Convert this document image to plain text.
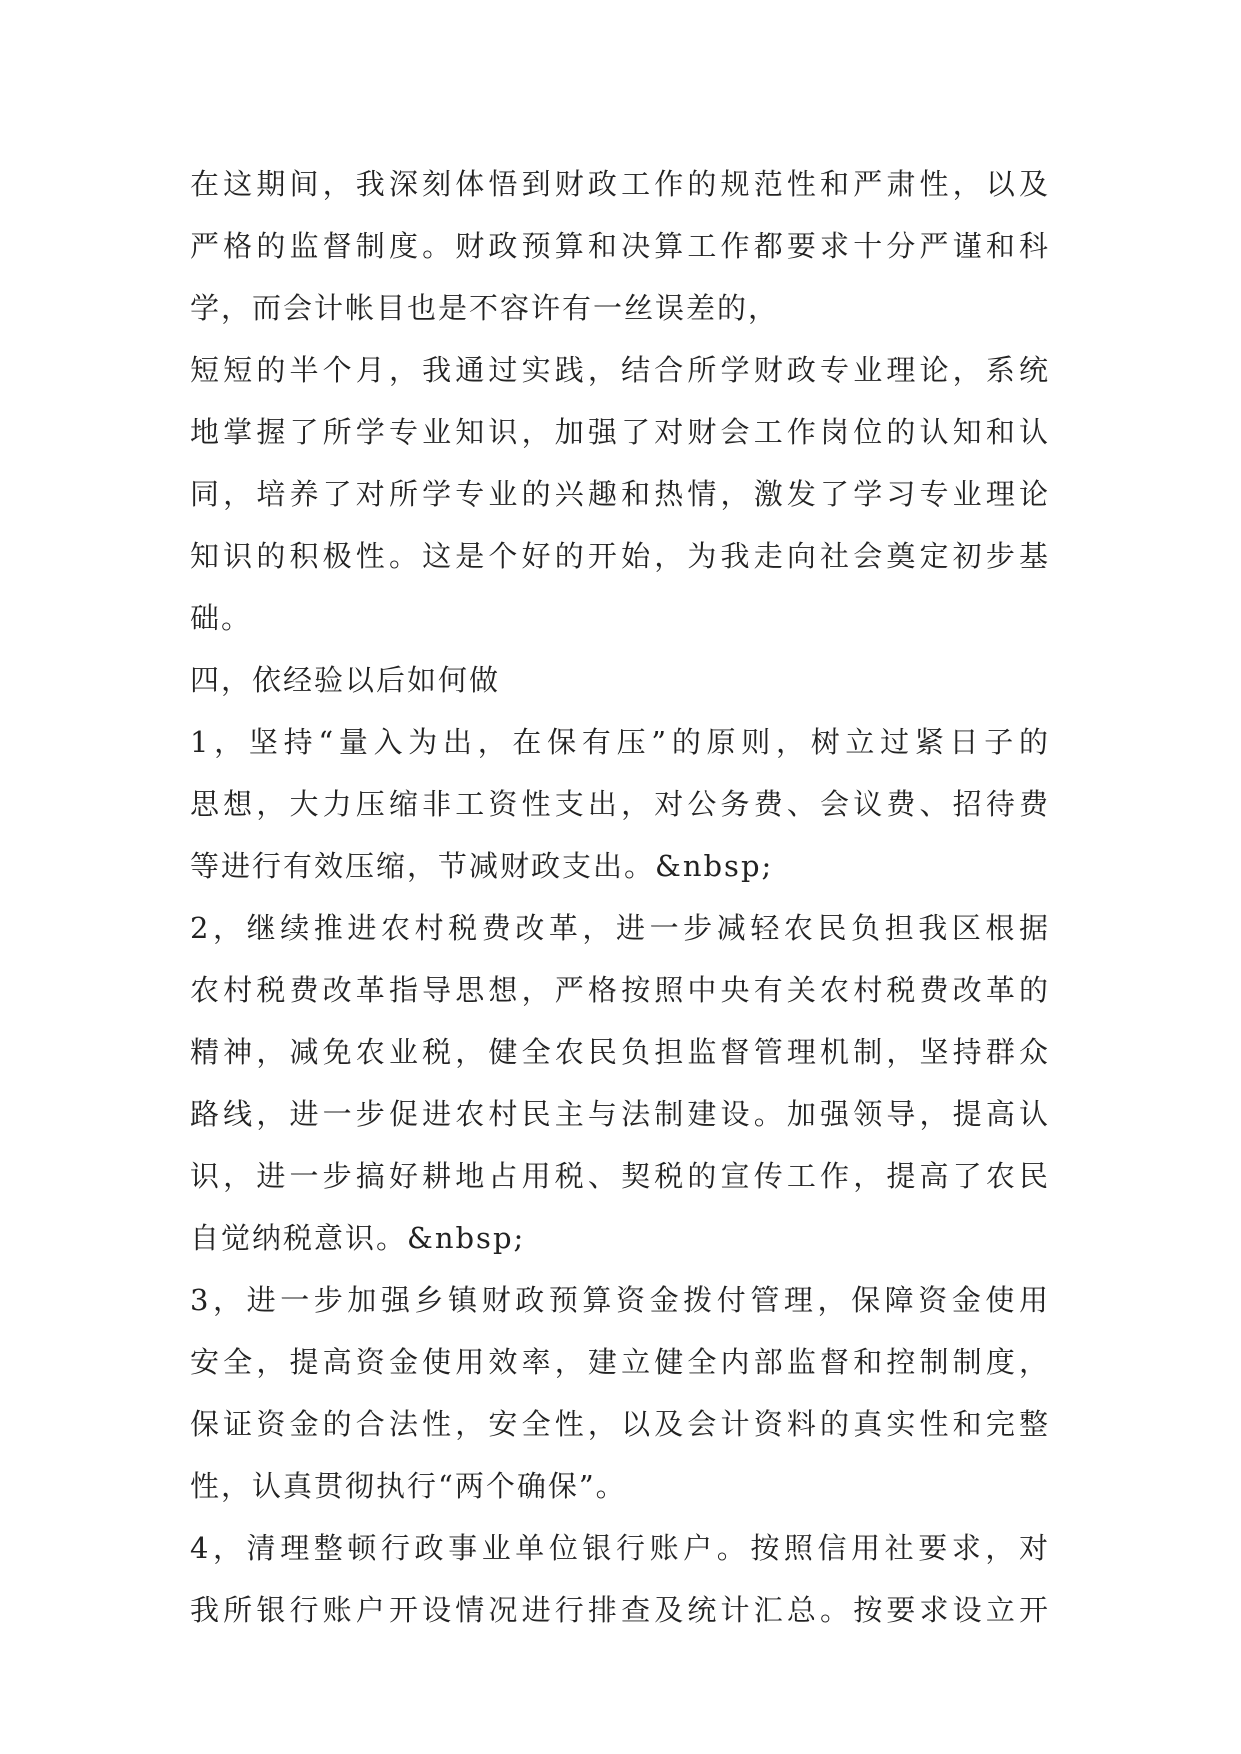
在这期间，我深刻体悟到财政工作的规范性和严肃性，以及
严格的监督制度。财政预算和决算工作都要求十分严谨和科
学，而会计帐目也是不容许有一丝误差的，
短短的半个月，我通过实践，结合所学财政专业理论，系统
地掌握了所学专业知识，加强了对财会工作岗位的认知和认
同，培养了对所学专业的兴趣和热情，激发了学习专业理论
知识的积极性。这是个好的开始，为我走向社会奠定初步基
础。
四，依经验以后如何做
1，坚持“量入为出，在保有压”的原则，树立过紧日子的
思想，大力压缩非工资性支出，对公务费、会议费、招待费
等进行有效压缩，节减财政支出。&nbsp;
2，继续推进农村税费改革，进一步减轻农民负担我区根据
农村税费改革指导思想，严格按照中央有关农村税费改革的
精神，减免农业税，健全农民负担监督管理机制，坚持群众
路线，进一步促进农村民主与法制建设。加强领导，提高认
识，进一步搞好耕地占用税、契税的宣传工作，提高了农民
自觉纳税意识。&nbsp;
3，进一步加强乡镇财政预算资金拨付管理，保障资金使用
安全，提高资金使用效率，建立健全内部监督和控制制度，
保证资金的合法性，安全性，以及会计资料的真实性和完整
性，认真贯彻执行“两个确保”。
4，清理整顿行政事业单位银行账户。按照信用社要求，对
我所银行账户开设情况进行排查及统计汇总。按要求设立开
